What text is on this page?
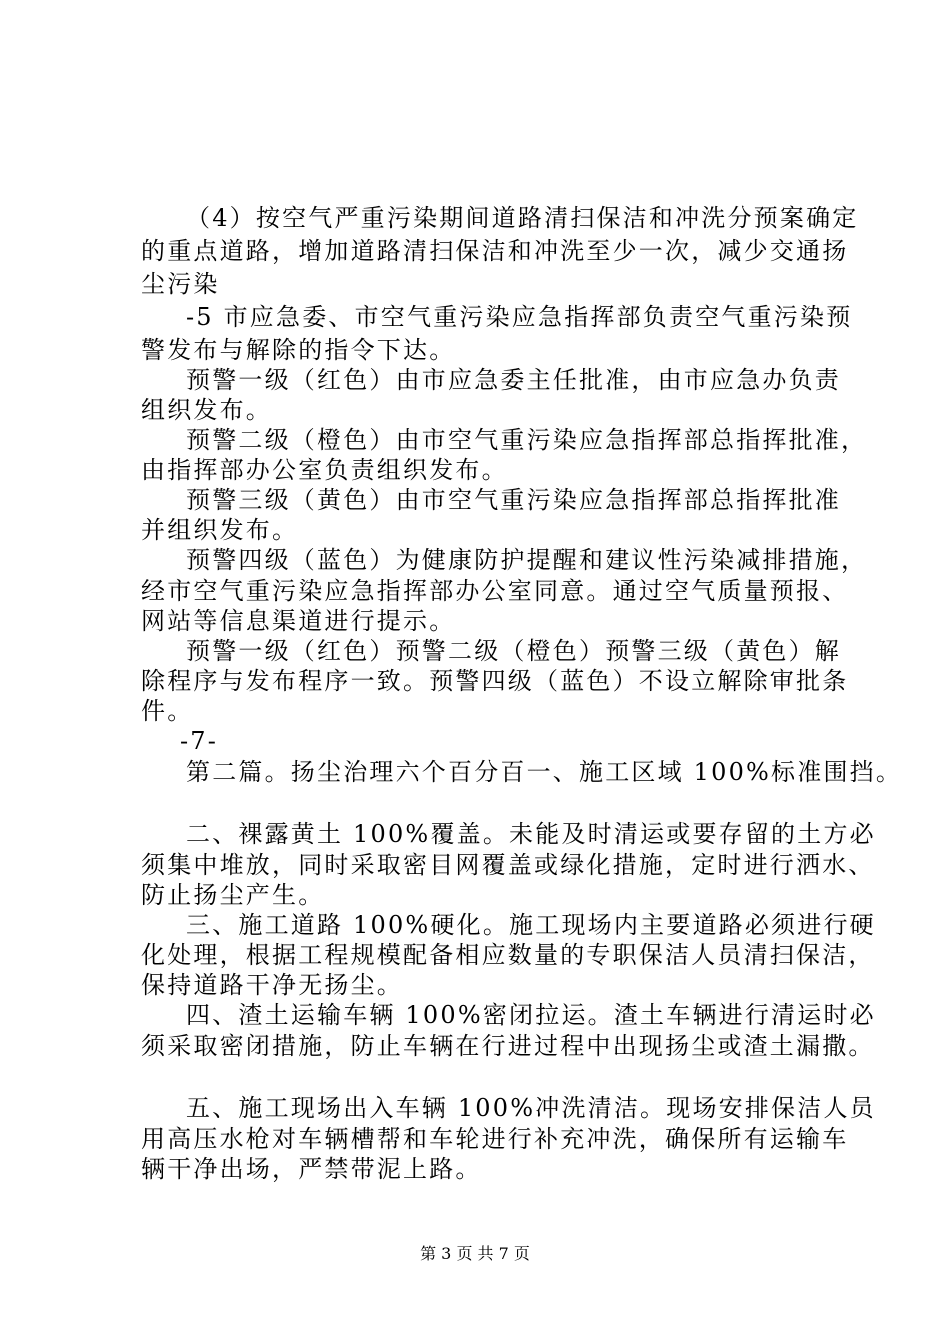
（4）按空气严重污染期间道路清扫保洁和冲洗分预案确定
的重点道路，增加道路清扫保洁和冲洗至少一次，减少交通扬
尘污染
-5 市应急委、市空气重污染应急指挥部负责空气重污染预
警发布与解除的指令下达。
预警一级（红色）由市应急委主任批准，由市应急办负责
组织发布。
预警二级（橙色）由市空气重污染应急指挥部总指挥批准，
由指挥部办公室负责组织发布。
预警三级（黄色）由市空气重污染应急指挥部总指挥批准
并组织发布。
预警四级（蓝色）为健康防护提醒和建议性污染减排措施，
经市空气重污染应急指挥部办公室同意。通过空气质量预报、
网站等信息渠道进行提示。
预警一级（红色）预警二级（橙色）预警三级（黄色）解
除程序与发布程序一致。预警四级（蓝色）不设立解除审批条
件。
-7-
第二篇。扬尘治理六个百分百一、施工区域 100%标准围挡。
二、裸露黄土 100%覆盖。未能及时清运或要存留的土方必
须集中堆放，同时采取密目网覆盖或绿化措施，定时进行洒水、
防止扬尘产生。
三、施工道路 100%硬化。施工现场内主要道路必须进行硬
化处理，根据工程规模配备相应数量的专职保洁人员清扫保洁，
保持道路干净无扬尘。
四、渣土运输车辆 100%密闭拉运。渣土车辆进行清运时必
须采取密闭措施，防止车辆在行进过程中出现扬尘或渣土漏撒。
五、施工现场出入车辆 100%冲洗清洁。现场安排保洁人员
用高压水枪对车辆槽帮和车轮进行补充冲洗，确保所有运输车
辆干净出场，严禁带泥上路。
第 3 页 共 7 页
